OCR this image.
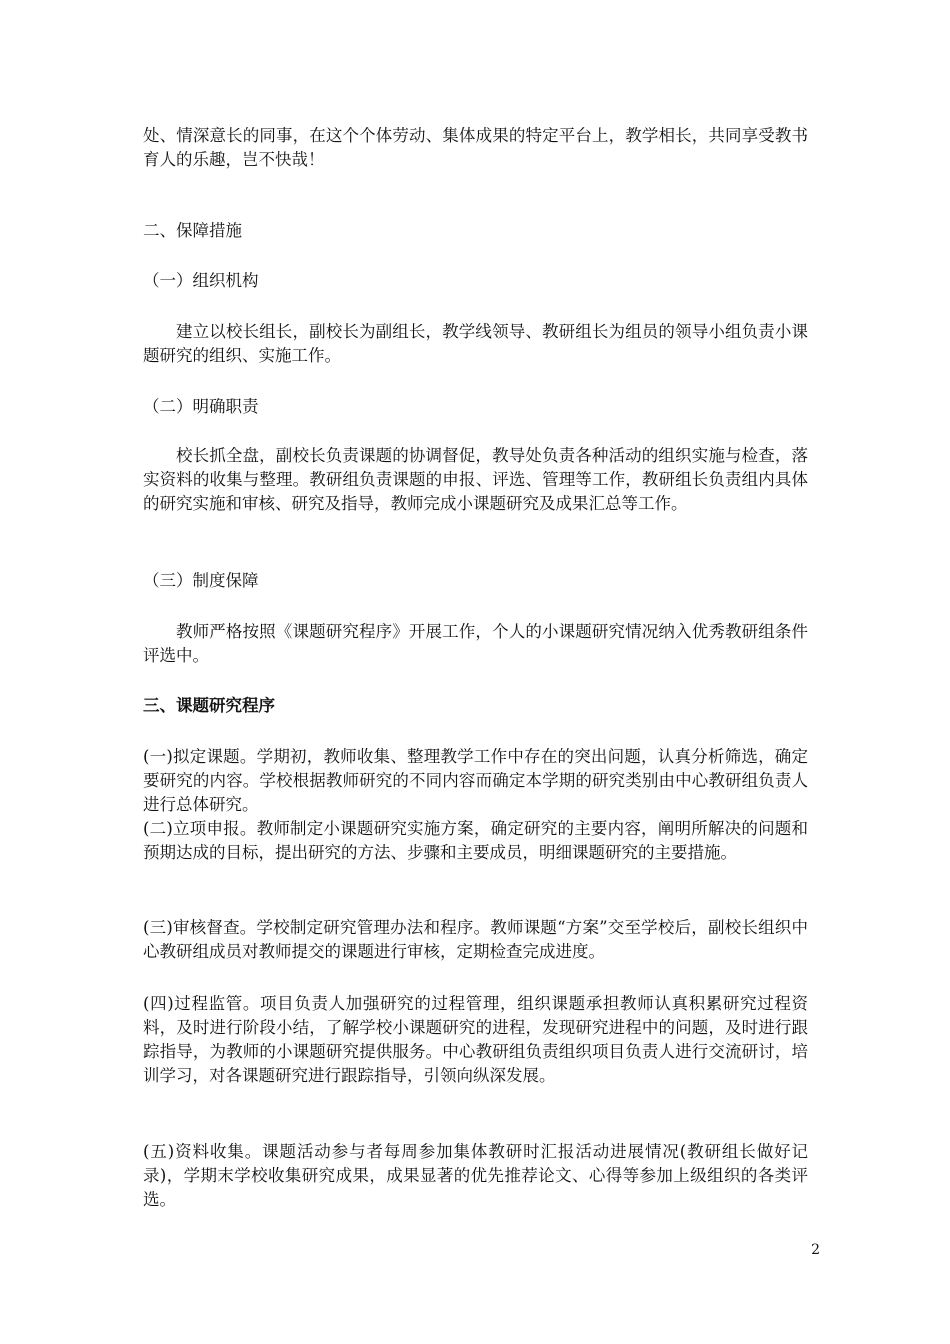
处、情深意长的同事，在这个个体劳动、集体成果的特定平台上，教学相长，共同享受教书育人的乐趣，岂不快哉！

二、保障措施

（一）组织机构

建立以校长组长，副校长为副组长，教学线领导、教研组长为组员的领导小组负责小课题研究的组织、实施工作。

（二）明确职责

校长抓全盘，副校长负责课题的协调督促，教导处负责各种活动的组织实施与检查，落实资料的收集与整理。教研组负责课题的申报、评选、管理等工作，教研组长负责组内具体的研究实施和审核、研究及指导，教师完成小课题研究及成果汇总等工作。

（三）制度保障

教师严格按照《课题研究程序》开展工作，个人的小课题研究情况纳入优秀教研组条件评选中。

三、课题研究程序

(一)拟定课题。学期初，教师收集、整理教学工作中存在的突出问题，认真分析筛选，确定要研究的内容。学校根据教师研究的不同内容而确定本学期的研究类别由中心教研组负责人进行总体研究。

(二)立项申报。教师制定小课题研究实施方案，确定研究的主要内容，阐明所解决的问题和预期达成的目标，提出研究的方法、步骤和主要成员，明细课题研究的主要措施。

(三)审核督查。学校制定研究管理办法和程序。教师课题“方案”交至学校后，副校长组织中心教研组成员对教师提交的课题进行审核，定期检查完成进度。

(四)过程监管。项目负责人加强研究的过程管理，组织课题承担教师认真积累研究过程资料，及时进行阶段小结，了解学校小课题研究的进程，发现研究进程中的问题，及时进行跟踪指导，为教师的小课题研究提供服务。中心教研组负责组织项目负责人进行交流研讨，培训学习，对各课题研究进行跟踪指导，引领向纵深发展。

(五)资料收集。课题活动参与者每周参加集体教研时汇报活动进展情况(教研组长做好记录)，学期末学校收集研究成果，成果显著的优先推荐论文、心得等参加上级组织的各类评选。

2
